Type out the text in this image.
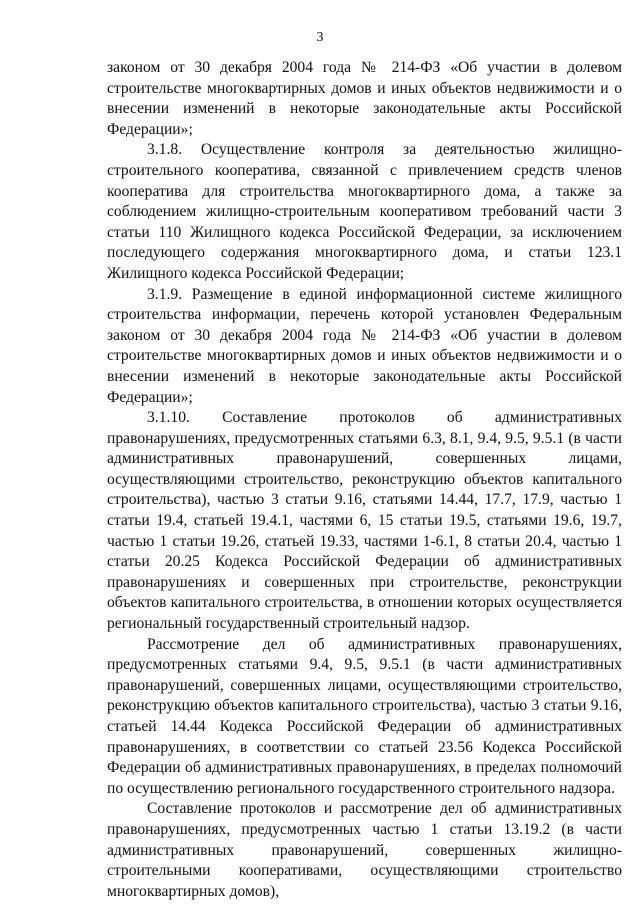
3

законом от 30 декабря 2004 года № 214-ФЗ «Об участии в долевом строительстве многоквартирных домов и иных объектов недвижимости и о внесении изменений в некоторые законодательные акты Российской Федерации»;

3.1.8. Осуществление контроля за деятельностью жилищно-строительного кооператива, связанной с привлечением средств членов кооператива для строительства многоквартирного дома, а также за соблюдением жилищно-строительным кооперативом требований части 3 статьи 110 Жилищного кодекса Российской Федерации, за исключением последующего содержания многоквартирного дома, и статьи 123.1 Жилищного кодекса Российской Федерации;

3.1.9. Размещение в единой информационной системе жилищного строительства информации, перечень которой установлен Федеральным законом от 30 декабря 2004 года № 214-ФЗ «Об участии в долевом строительстве многоквартирных домов и иных объектов недвижимости и о внесении изменений в некоторые законодательные акты Российской Федерации»;

3.1.10. Составление протоколов об административных правонарушениях, предусмотренных статьями 6.3, 8.1, 9.4, 9.5, 9.5.1 (в части административных правонарушений, совершенных лицами, осуществляющими строительство, реконструкцию объектов капитального строительства), частью 3 статьи 9.16, статьями 14.44, 17.7, 17.9, частью 1 статьи 19.4, статьей 19.4.1, частями 6, 15 статьи 19.5, статьями 19.6, 19.7, частью 1 статьи 19.26, статьей 19.33, частями 1-6.1, 8 статьи 20.4, частью 1 статьи 20.25 Кодекса Российской Федерации об административных правонарушениях и совершенных при строительстве, реконструкции объектов капитального строительства, в отношении которых осуществляется региональный государственный строительный надзор.

Рассмотрение дел об административных правонарушениях, предусмотренных статьями 9.4, 9.5, 9.5.1 (в части административных правонарушений, совершенных лицами, осуществляющими строительство, реконструкцию объектов капитального строительства), частью 3 статьи 9.16, статьей 14.44 Кодекса Российской Федерации об административных правонарушениях, в соответствии со статьей 23.56 Кодекса Российской Федерации об административных правонарушениях, в пределах полномочий по осуществлению регионального государственного строительного надзора.

Составление протоколов и рассмотрение дел об административных правонарушениях, предусмотренных частью 1 статьи 13.19.2 (в части административных правонарушений, совершенных жилищно-строительными кооперативами, осуществляющими строительство многоквартирных домов),
